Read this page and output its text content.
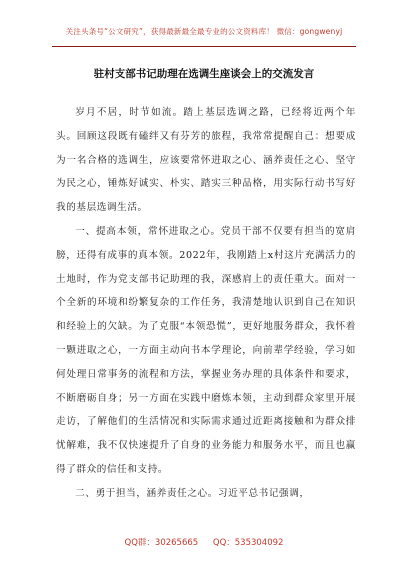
关注头条号“公文研究”，获得最新最全最专业的公文资料库！ 微信：gongwenyj
驻村支部书记助理在选调生座谈会上的交流发言

岁月不居，时节如流。踏上基层选调之路，已经将近两个年头。回顾这段既有磕绊又有芬芳的旅程，我常常提醒自己：想要成为一名合格的选调生，应该要常怀进取之心、涵养责任之心、坚守为民之心，锤炼好诚实、朴实、踏实三种品格，用实际行动书写好我的基层选调生活。

一、提高本领，常怀进取之心。党员干部不仅要有担当的宽肩膀，还得有成事的真本领。2022年，我刚踏上x村这片充满活力的土地时，作为党支部书记助理的我，深感肩上的责任重大。面对一个全新的环境和纷繁复杂的工作任务，我清楚地认识到自己在知识和经验上的欠缺。为了克服“本领恐慌”，更好地服务群众，我怀着一颗进取之心，一方面主动向书本学理论，向前辈学经验，学习如何处理日常事务的流程和方法，掌握业务办理的具体条件和要求，不断磨砺自身；另一方面在实践中磨炼本领，主动到群众家里开展走访，了解他们的生活情况和实际需求通过近距离接触和为群众排忧解难，我不仅快速提升了自身的业务能力和服务水平，而且也赢得了群众的信任和支持。

二、勇于担当，涵养责任之心。习近平总书记强调，

QQ群：30265665 QQ：535304092
